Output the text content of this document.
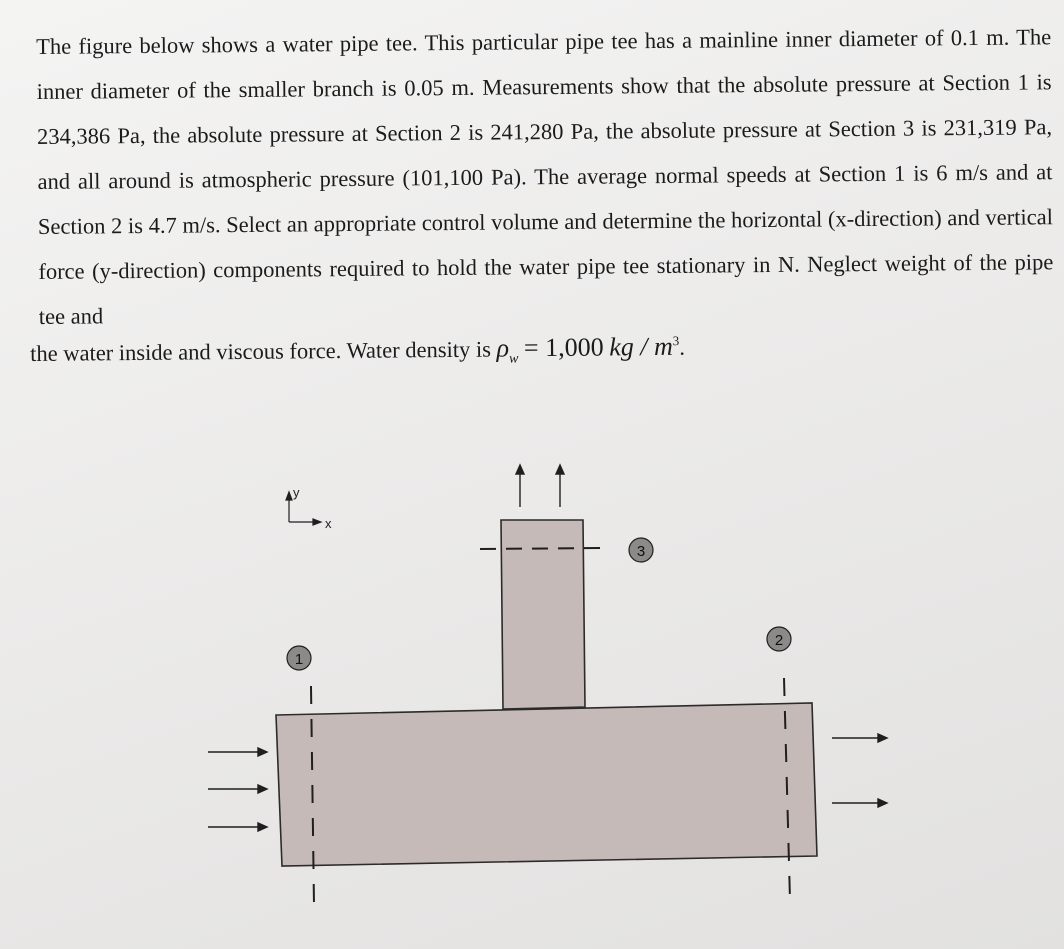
The figure below shows a water pipe tee. This particular pipe tee has a mainline inner diameter of 0.1 m. The inner diameter of the smaller branch is 0.05 m. Measurements show that the absolute pressure at Section 1 is 234,386 Pa, the absolute pressure at Section 2 is 241,280 Pa, the absolute pressure at Section 3 is 231,319 Pa, and all around is atmospheric pressure (101,100 Pa). The average normal speeds at Section 1 is 6 m/s and at Section 2 is 4.7 m/s. Select an appropriate control volume and determine the horizontal (x-direction) and vertical force (y-direction) components required to hold the water pipe tee stationary in N. Neglect weight of the pipe tee and

the water inside and viscous force. Water density is $\rho_w = 1,000$ kg / $m^3$.
y
x
1
2
3
